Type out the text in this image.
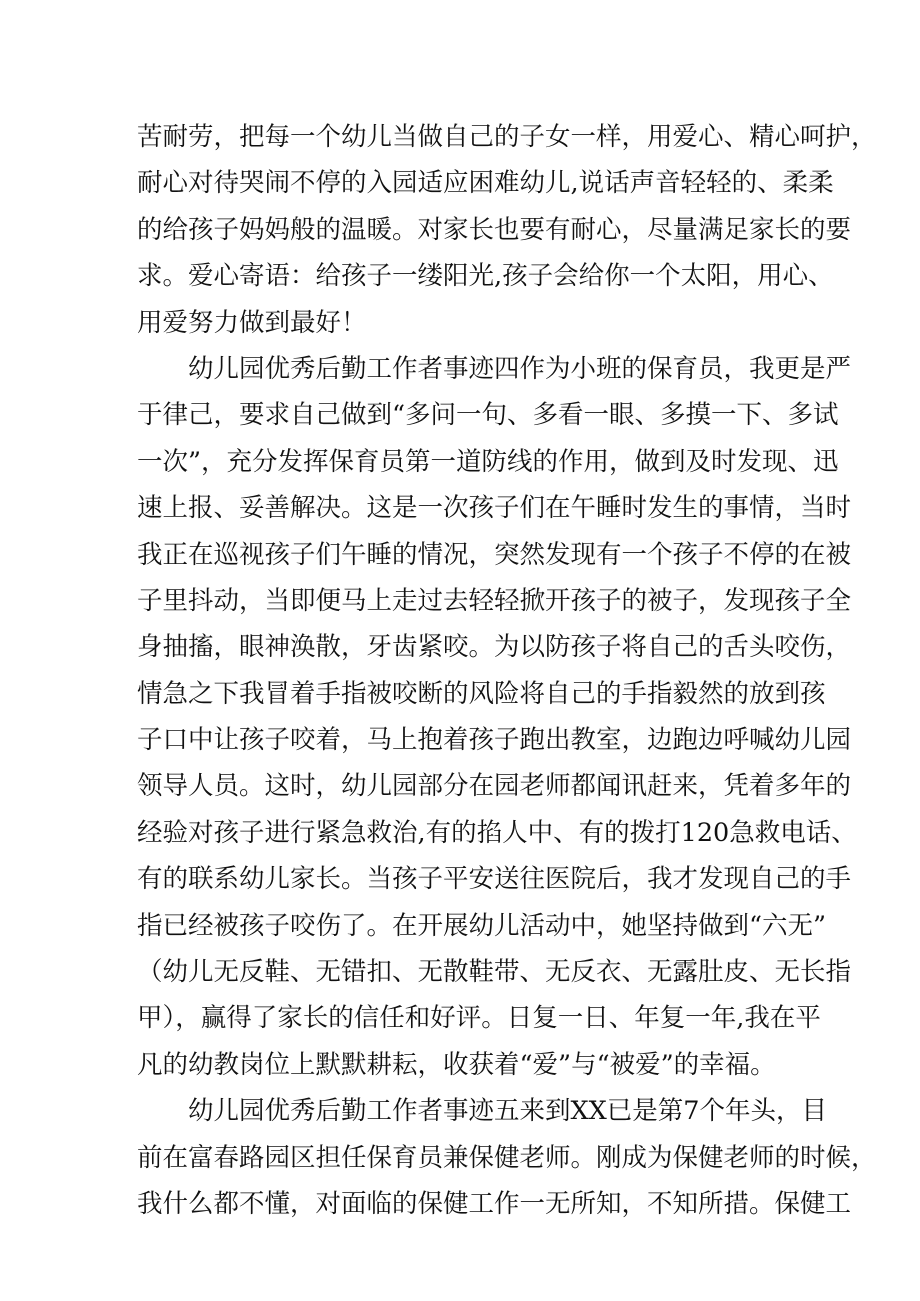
苦耐劳，把每一个幼儿当做自己的子女一样，用爱心、精心呵护，
耐心对待哭闹不停的入园适应困难幼儿,说话声音轻轻的、柔柔
的给孩子妈妈般的温暖。对家长也要有耐心，尽量满足家长的要
求。爱心寄语：给孩子一缕阳光,孩子会给你一个太阳，用心、
用爱努力做到最好！
幼儿园优秀后勤工作者事迹四作为小班的保育员，我更是严
于律己，要求自己做到“多问一句、多看一眼、多摸一下、多试
一次”，充分发挥保育员第一道防线的作用，做到及时发现、迅
速上报、妥善解决。这是一次孩子们在午睡时发生的事情，当时
我正在巡视孩子们午睡的情况，突然发现有一个孩子不停的在被
子里抖动，当即便马上走过去轻轻掀开孩子的被子，发现孩子全
身抽搐，眼神涣散，牙齿紧咬。为以防孩子将自己的舌头咬伤，
情急之下我冒着手指被咬断的风险将自己的手指毅然的放到孩
子口中让孩子咬着，马上抱着孩子跑出教室，边跑边呼喊幼儿园
领导人员。这时，幼儿园部分在园老师都闻讯赶来，凭着多年的
经验对孩子进行紧急救治,有的掐人中、有的拨打120急救电话、
有的联系幼儿家长。当孩子平安送往医院后，我才发现自己的手
指已经被孩子咬伤了。在开展幼儿活动中，她坚持做到“六无”
（幼儿无反鞋、无错扣、无散鞋带、无反衣、无露肚皮、无长指
甲），赢得了家长的信任和好评。日复一日、年复一年,我在平
凡的幼教岗位上默默耕耘，收获着“爱”与“被爱”的幸福。
幼儿园优秀后勤工作者事迹五来到XX已是第7个年头，目
前在富春路园区担任保育员兼保健老师。刚成为保健老师的时候，
我什么都不懂，对面临的保健工作一无所知，不知所措。保健工
